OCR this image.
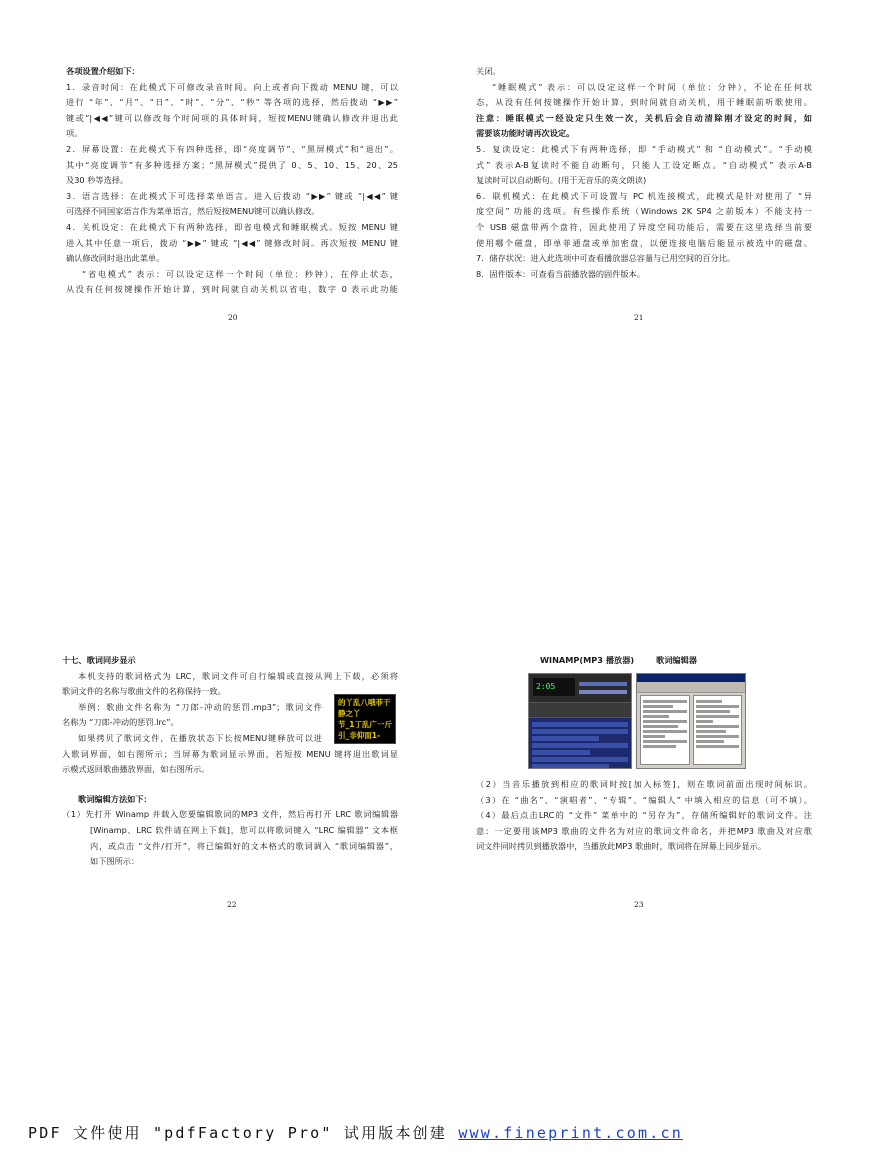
各项设置介绍如下：
1．录音时间：在此模式下可修改录音时间。向上或者向下拨动 MENU 键，可以
进行 “年”、“月”、“日”、“时”、“分”、“秒” 等各项的选择，然后拨动 “▶▶”
键或“|◀◀”键可以修改每个时间项的具体时间，短按MENU键确认修改并退出此
项。
2．屏幕设置：在此模式下有四种选择，即“亮度调节”、“黑屏模式”和“退出”。
其中“亮度调节”有多种选择方案；“黑屏模式”提供了 0、5、10、15、20、25
及30 秒等选择。
3．语言选择：在此模式下可选择菜单语言。进入后拨动 “▶▶” 键或 “|◀◀” 键
可选择不同国家语言作为菜单语言，然后短按MENU键可以确认修改。
4．关机设定：在此模式下有两种选择，即省电模式和睡眠模式。短按 MENU 键
进入其中任意一项后，拨动 “▶▶” 键或 “|◀◀” 键修改时间。再次短按 MENU 键
确认修改同时退出此菜单。
“省电模式” 表示：可以设定这样一个时间（单位：秒钟），在停止状态，
从没有任何按键操作开始计算，到时间就自动关机以省电，数字 0 表示此功能
20
关闭。
“睡眠模式” 表示：可以设定这样一个时间（单位：分钟），不论在任何状
态，从没有任何按键操作开始计算，到时间就自动关机，用于睡眠前听歌使用。
注意：睡眠模式一经设定只生效一次，关机后会自动清除刚才设定的时间，如
需要该功能时请再次设定。
5．复读设定：此模式下有两种选择，即 “手动模式” 和 “自动模式”。“手动模
式” 表示A-B复读时不能自动断句，只能人工设定断点。“自动模式” 表示A-B
复读时可以自动断句。(用于无音乐的英文朗读)
6．联机模式：在此模式下可设置与 PC 机连接模式，此模式是针对使用了 “异
度空间” 功能的选项。有些操作系统（Windows 2K SP4 之前版本）不能支持一
个 USB 磁盘带两个盘符，因此使用了异度空间功能后，需要在这里选择当前要
使用哪个磁盘，即单菲通盘或单加密盘，以便连接电脑后能显示被选中的磁盘。
7．储存状况：进入此选项中可查看播放器总容量与已用空间的百分比。
8．固件版本：可查看当前播放器的固件版本。
21
十七、歌词同步显示
本机支持的歌词格式为 LRC，歌词文件可自行编辑或直接从网上下载，必须将
歌词文件的名称与歌曲文件的名称保持一致。
举例：歌曲文件名称为 “刀郎-冲动的惩罚.mp3”；歌词文件
名称为 “刀郎-冲动的惩罚.lrc”。
如果拷贝了歌词文件，在播放状态下长按MENU键释放可以进
入歌词界面，如右图所示；当屏幕为歌词显示界面，若短按 MENU 键将退出歌词显
示模式返回歌曲播放界面，如右图所示。
的丫乱八哦菲干
静之丫
节_1丁乱广一斤
引_非仰面1-
歌词编辑方法如下：
（1）先打开 Winamp 并载入您要编辑歌词的MP3 文件，然后再打开 LRC 歌词编辑器
[Winamp、LRC 软件请在网上下载]，您可以将歌词键入 “LRC 编辑器” 文本框
内，或点击 “文件/打开”，将已编辑好的文本格式的歌词调入 “歌词编辑器”，
如下图所示：
22
WINAMP(MP3 播放器)	歌词编辑器
2:05
（2）当音乐播放到相应的歌词时按[加入标签]，则在歌词前面出现时间标识。
（3）在 “曲名”、“演唱者”、“专辑”、“编辑人” 中填入相应的信息（可不填）。
（4）最后点击LRC的 “文件” 菜单中的 “另存为”，存储所编辑好的歌词文件。注
意：一定要用该MP3 歌曲的文件名为对应的歌词文件命名，并把MP3 歌曲及对应歌
词文件同时拷贝到播放器中，当播放此MP3 歌曲时，歌词将在屏幕上同步显示。
23
PDF 文件使用 "pdfFactory Pro" 试用版本创建 www.fineprint.com.cn
